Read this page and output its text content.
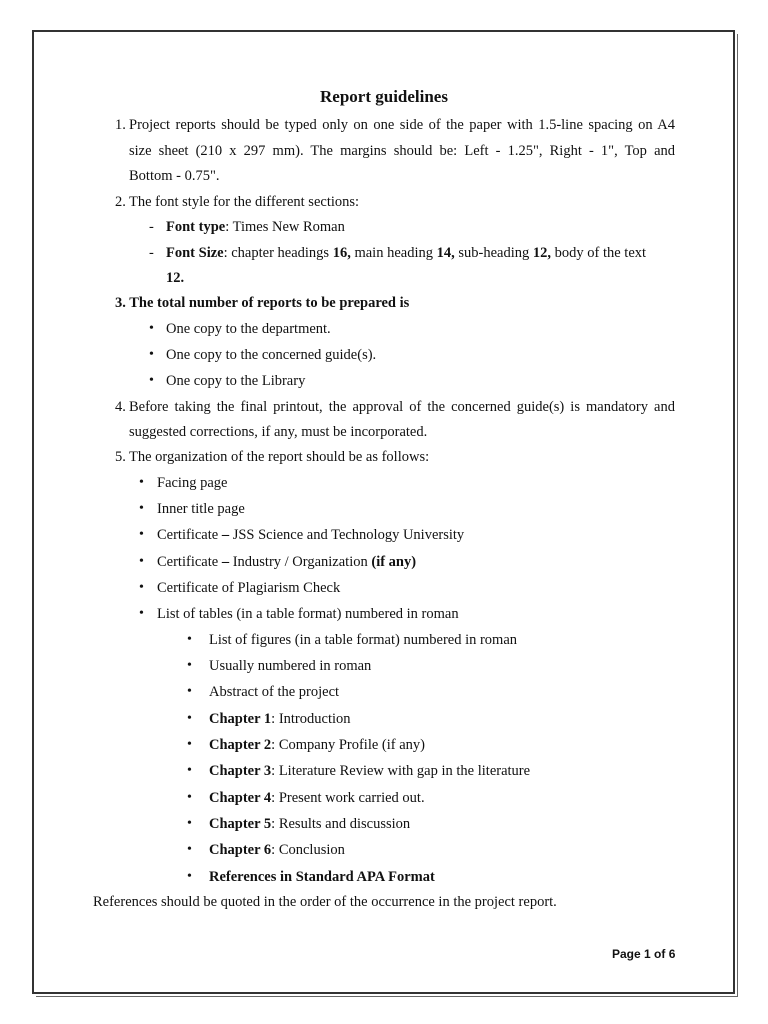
Report guidelines
1. Project reports should be typed only on one side of the paper with 1.5-line spacing on A4
size sheet (210 x 297 mm). The margins should be: Left - 1.25", Right - 1", Top and
Bottom - 0.75".
2. The font style for the different sections:
- Font type: Times New Roman
- Font Size: chapter headings 16, main heading 14, sub-heading 12, body of the text
12.
3. The total number of reports to be prepared is
• One copy to the department.
• One copy to the concerned guide(s).
• One copy to the Library
4. Before taking the final printout, the approval of the concerned guide(s) is mandatory and
suggested corrections, if any, must be incorporated.
5. The organization of the report should be as follows:
• Facing page
• Inner title page
• Certificate – JSS Science and Technology University
• Certificate – Industry / Organization (if any)
• Certificate of Plagiarism Check
• List of tables (in a table format) numbered in roman
• List of figures (in a table format) numbered in roman
• Usually numbered in roman
• Abstract of the project
• Chapter 1: Introduction
• Chapter 2: Company Profile (if any)
• Chapter 3: Literature Review with gap in the literature
• Chapter 4: Present work carried out.
• Chapter 5: Results and discussion
• Chapter 6: Conclusion
• References in Standard APA Format
References should be quoted in the order of the occurrence in the project report.
Page 1 of 6
